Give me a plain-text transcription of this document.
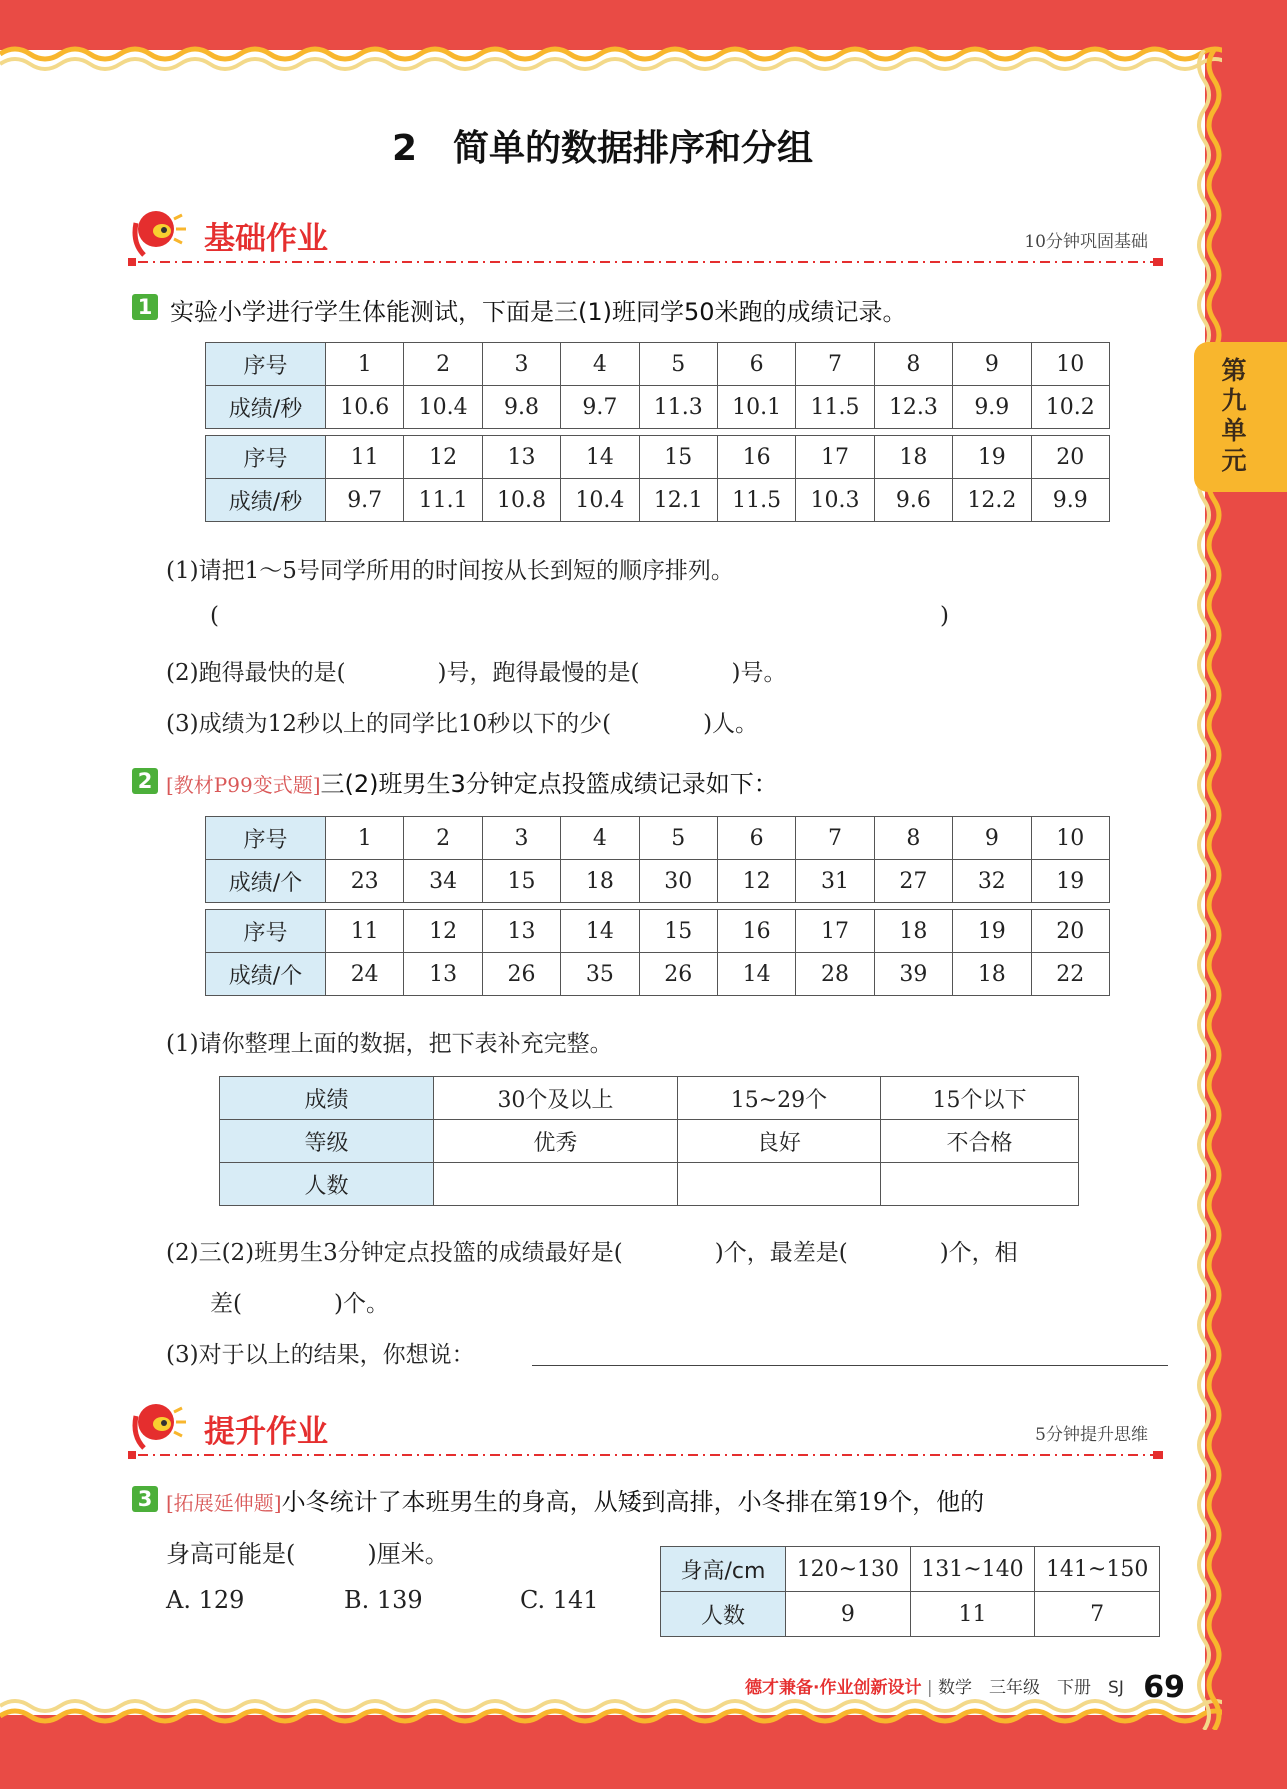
第九单元
2　简单的数据排序和分组
基础作业	10分钟巩固基础
1 实验小学进行学生体能测试，下面是三(1)班同学50米跑的成绩记录。
序号	1	2	3	4	5	6	7	8	9	10
成绩/秒	10.6	10.4	9.8	9.7	11.3	10.1	11.5	12.3	9.9	10.2

序号	11	12	13	14	15	16	17	18	19	20
成绩/秒	9.7	11.1	10.8	10.4	12.1	11.5	10.3	9.6	12.2	9.9
(1)请把1～5号同学所用的时间按从长到短的顺序排列。
(	)
(2)跑得最快的是(　　　　)号，跑得最慢的是(　　　　)号。
(3)成绩为12秒以上的同学比10秒以下的少(　　　　)人。
2 [教材P99变式题]三(2)班男生3分钟定点投篮成绩记录如下：
序号	1	2	3	4	5	6	7	8	9	10
成绩/个	23	34	15	18	30	12	31	27	32	19

序号	11	12	13	14	15	16	17	18	19	20
成绩/个	24	13	26	35	26	14	28	39	18	22
(1)请你整理上面的数据，把下表补充完整。
成绩	30个及以上	15~29个	15个以下
等级	优秀	良好	不合格
人数			
(2)三(2)班男生3分钟定点投篮的成绩最好是(　　　　)个，最差是(　　　　)个，相
差(　　　　)个。
(3)对于以上的结果，你想说：
提升作业	5分钟提升思维
3 [拓展延伸题]小冬统计了本班男生的身高，从矮到高排，小冬排在第19个，他的
身高可能是(　　　)厘米。
A. 129	B. 139	C. 141
身高/cm	120~130	131~140	141~150
人数	9	11	7
德才兼备·作业创新设计 | 数学　三年级　下册　SJ 69
